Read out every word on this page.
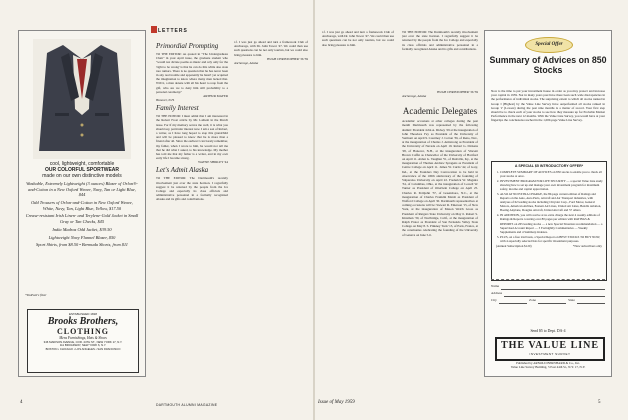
cool, lightweight, comfortable
OUR COLORFUL SPORTWEAR
made on our own distinctive models

Washable, Extremely Lightweight (3 ounces) Blazer of Orlon®-and-Cotton in a New Oxford Weave, Navy, Tan or Light Blue, $44

Odd Trousers of Orlon-and-Cotton in New Oxford Weave, White, Navy, Tan, Light Blue, Yellow, $17.50

Crease-resistant Irish Linen- and Terylene-Gold Jacket in Small Gray or Tan Checks, $45

India Madras Odd Jacket, $39.50

Lightweight Navy Flannel Blazer, $50

Sport Shirts, from $8.50 • Bermuda Shorts, from $11

*DuPont's fiber
ESTABLISHED 1818
Brooks Brothers,
CLOTHING
Mens Furnishings, Hats & Shoes
346 MADISON AVENUE, COR. 44TH ST., NEW YORK 17, N.Y.
111 BROADWAY, NEW YORK 6, N.Y.
BOSTON • CHICAGO • LOS ANGELES • SAN FRANCISCO
LETTERS
Primordial Prompting
TO THE EDITOR: As quoted in "The Undergraduate Chair" in your April issue, the graduate student who "would not dictate poems as music and rely only for the 'right to be wrong' is that he can do this while also state rare rumors. There is no question that he has never been in any real trouble and apparently he hasn't yet acquired the imagination to know where many men lacked that. Will it, a man donate with all his heart to reap from the gift, who are we to deny him still probability to a personal ceremony?
ARTHUR MAYER
Hanover, N.H.
Family Interest
TO THE EDITOR: I must admit that I am interested in the Robert Frost article by Mr. Lathem in the March issue. For if my memory serves me well, it is what you should say, particular interest now. I am a son of Robert, a writer, as I have long hoped to stop this grandchild and will be pleased to know that he is more than a friend after all. Since the earliest I can barely remember, my father, when I wrote to him, he would not tell me that he did what I asked, to his knowledge. My mother has told me that my father is a writer, and in my own early life I became strong.
WAYNE SHIRLEY '44
Let's Admit Alaska
TO THE EDITOR: The Dartmouth's recently involvement just over the state horizon. I regretfully suggest it be returned by the people from the Ice College and especially its class officials and administrative personnel in a formally recognized Alaska and its gifts and contributions.
r.f. I was just go ahead and turn a framework Club of Anchorage, with Dr. John Tower '47. We could then use such questions can be not only tourists, but we could also bring pleasure to him.
HUGH CHRISTOPHER '36 '39
Anchorage, Alaska
DARTMOUTH ALUMNI MAGAZINE
4
r.f. I was just go ahead and turn a framework Club of Anchorage, with Dr. John Tower '47. We could then use such questions can be not only tourists, but we could also bring pleasure to him.
TO THE EDITOR: The Dartmouth's recently involvement just over the state horizon. I regretfully suggest it be returned by the people from the Ice College and especially its class officials and administrative personnel in a formally recognized Alaska and its gifts and contributions.
HUGH CHRISTOPHER '36 '39
Anchorage, Alaska
Academic Delegates
Academic occasions at other colleges during the past month Dartmouth was represented by the following alumni: President John A. Dickey '29 at the inauguration of John Theodore Fey as President of the University of Vermont on April 9. Courtney J. Cotton '36, of Reno, Nev., at the inauguration of Charles J. Armstrong as President of the University of Nevada on April 19. Robert G. Dickens '28, of Hanover, N.H., at the inauguration of Vincent Brown Coffin as Chancellor of the University of Hartford on April 11. Alden G. Vaughan '51, of Dunville, Ky., at the inauguration of Thomas Andrew Spragens as President of Centre College on April 11. James W. Curtis '42, of Gary, Ind., at the Founders Day Convocation to be held in observance of the 100th anniversary of the founding of Valparaiso University on April 22. Frederick W. Maguire '34, of Columbus, Ohio, at the inauguration of Lowell W. Turner as President of Otterbein College on April 25. Charles R. Pettijohn '37, of Greensboro, N.C., at the inauguration of Charles Franklin Marsh as President of Wofford College on April 30. Dartmouth representatives at coming occasions will be: Stewart R. Emerson '15, of New York, at the inauguration of Mason Welch Gross as President of Rutgers State University on May 6. Robert S. Kinsman '30, of Northridge, Calif., at the inauguration of Ralph Prator as President of San Fernando Valley State College on May 8. S. Pinkney Tuck '13, of Paris, France, at the ceremonies celebrating the founding of the University of Geneva on June 5-6.
Issue of May 1959
Special Offer
Summary of Advices on 850 Stocks
Now is the time to put your investment house in order as you may protect and increase your capital in 1959. Not in many years past have there been such wide discrepancies in the performance of individual stocks. The surprising extent to which all stocks ranked in Group I (Highest) by the Value Line Survey have outperformed all stocks ranked in Group V (Lowest) during the past nine months is a matter of record. Your first step should be to check each of your stocks to see how they measure up for Probable Market Performance in the next 12 months. With the Value Line Survey, you would have at your fingertips the conclusions reached in the 1,000-page Value Line Survey.
A SPECIAL $5 INTRODUCTORY OFFER*
1. COMPLETE SUMMARY OF ADVICES on 850 stocks to enable you to check all your stocks at once.
2. INVESTMENT PROGRAM FOR LIFE SECURITY — a special Value Line study showing how to set up and manage your own investment program for maximum safety, income and capital appreciation.
3. ALSO AT NO EXTRA CHARGE, the 80-page current edition of Ratings and Reports on the Auto, Auto Parts, Aircraft and Air Transport industries, with analyses of 62 leading stocks including Chrysler Corp., Ford Motor, General Motors, American Airlines, Eastern Air Lines, United Air Lines, Bendix Aviation, Boeing Airplane, Douglas Aircraft, United Aircraft and 57 others.
4. IN ADDITION, you will receive at no extra charge the next 4 weekly editions of Ratings & Reports covering over 80 pages per edition with RATINGS & REPORTS on 265 leading stocks — a new Special Situation recommendation — a Supervised Account Report — 3 Fortnightly Commentaries — Weekly Supplements and 4 Summary-Indexes.
5. PLUS, on a free trial basis, a Special Report on BEST STOCKS TO BUY NOW, with 4 especially selected lists for specific investment purposes.
(Annual Subscription $120)	*New subscribers only
Name
Address
City	Zone	State
Send $5 to Dept. DA-4
THE VALUE LINE
INVESTMENT SURVEY
Published by ARNOLD BERNHARD & Co., Inc.
Value Line Survey Building, 5 East 44th St., N.Y. 17, N.Y.
5
